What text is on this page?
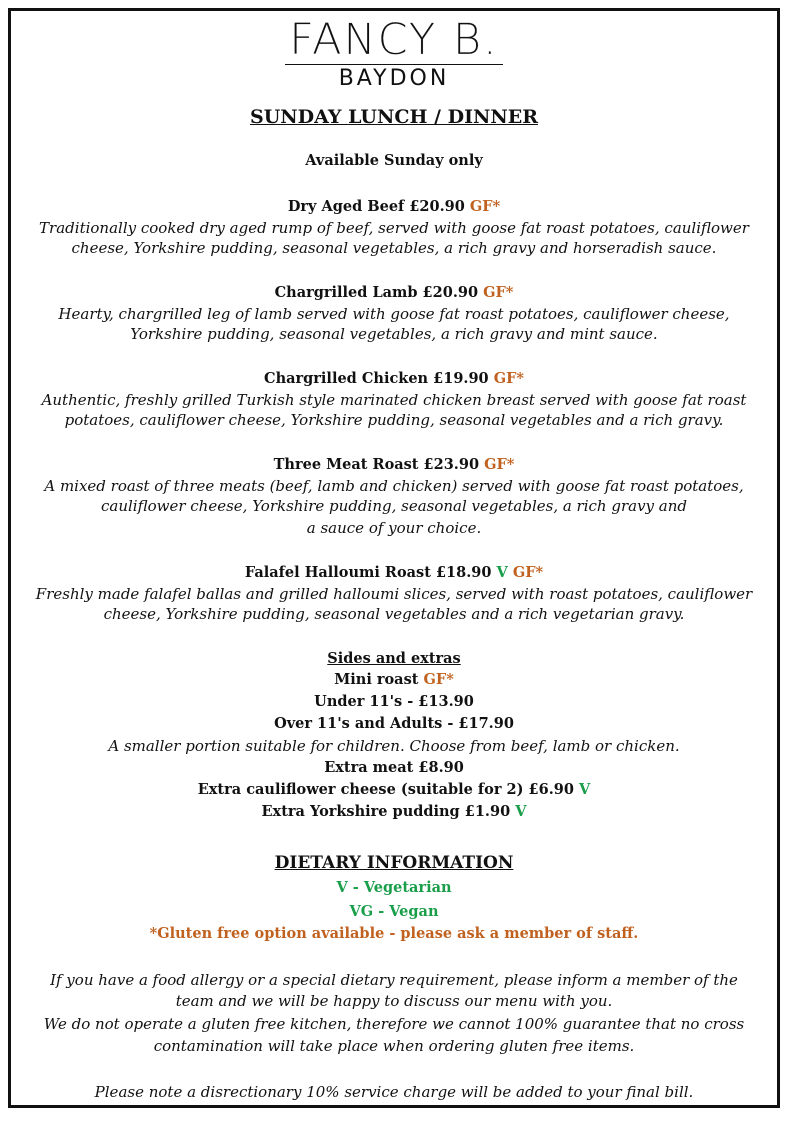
FANCY B.
BAYDON
SUNDAY LUNCH / DINNER
Available Sunday only
Dry Aged Beef £20.90 GF*
Traditionally cooked dry aged rump of beef, served with goose fat roast potatoes, cauliflower
cheese, Yorkshire pudding, seasonal vegetables, a rich gravy and horseradish sauce.
Chargrilled Lamb £20.90 GF*
Hearty, chargrilled leg of lamb served with goose fat roast potatoes, cauliflower cheese,
Yorkshire pudding, seasonal vegetables, a rich gravy and mint sauce.
Chargrilled Chicken £19.90 GF*
Authentic, freshly grilled Turkish style marinated chicken breast served with goose fat roast
potatoes, cauliflower cheese, Yorkshire pudding, seasonal vegetables and a rich gravy.
Three Meat Roast £23.90 GF*
A mixed roast of three meats (beef, lamb and chicken) served with goose fat roast potatoes,
cauliflower cheese, Yorkshire pudding, seasonal vegetables, a rich gravy and
a sauce of your choice.
Falafel Halloumi Roast £18.90 V GF*
Freshly made falafel ballas and grilled halloumi slices, served with roast potatoes, cauliflower
cheese, Yorkshire pudding, seasonal vegetables and a rich vegetarian gravy.
Sides and extras
Mini roast GF*
Under 11's - £13.90
Over 11's and Adults - £17.90
A smaller portion suitable for children. Choose from beef, lamb or chicken.
Extra meat £8.90
Extra cauliflower cheese (suitable for 2) £6.90 V
Extra Yorkshire pudding £1.90 V
DIETARY INFORMATION
V - Vegetarian
VG - Vegan
*Gluten free option available - please ask a member of staff.
If you have a food allergy or a special dietary requirement, please inform a member of the
team and we will be happy to discuss our menu with you.
We do not operate a gluten free kitchen, therefore we cannot 100% guarantee that no cross
contamination will take place when ordering gluten free items.
Please note a disrectionary 10% service charge will be added to your final bill.
